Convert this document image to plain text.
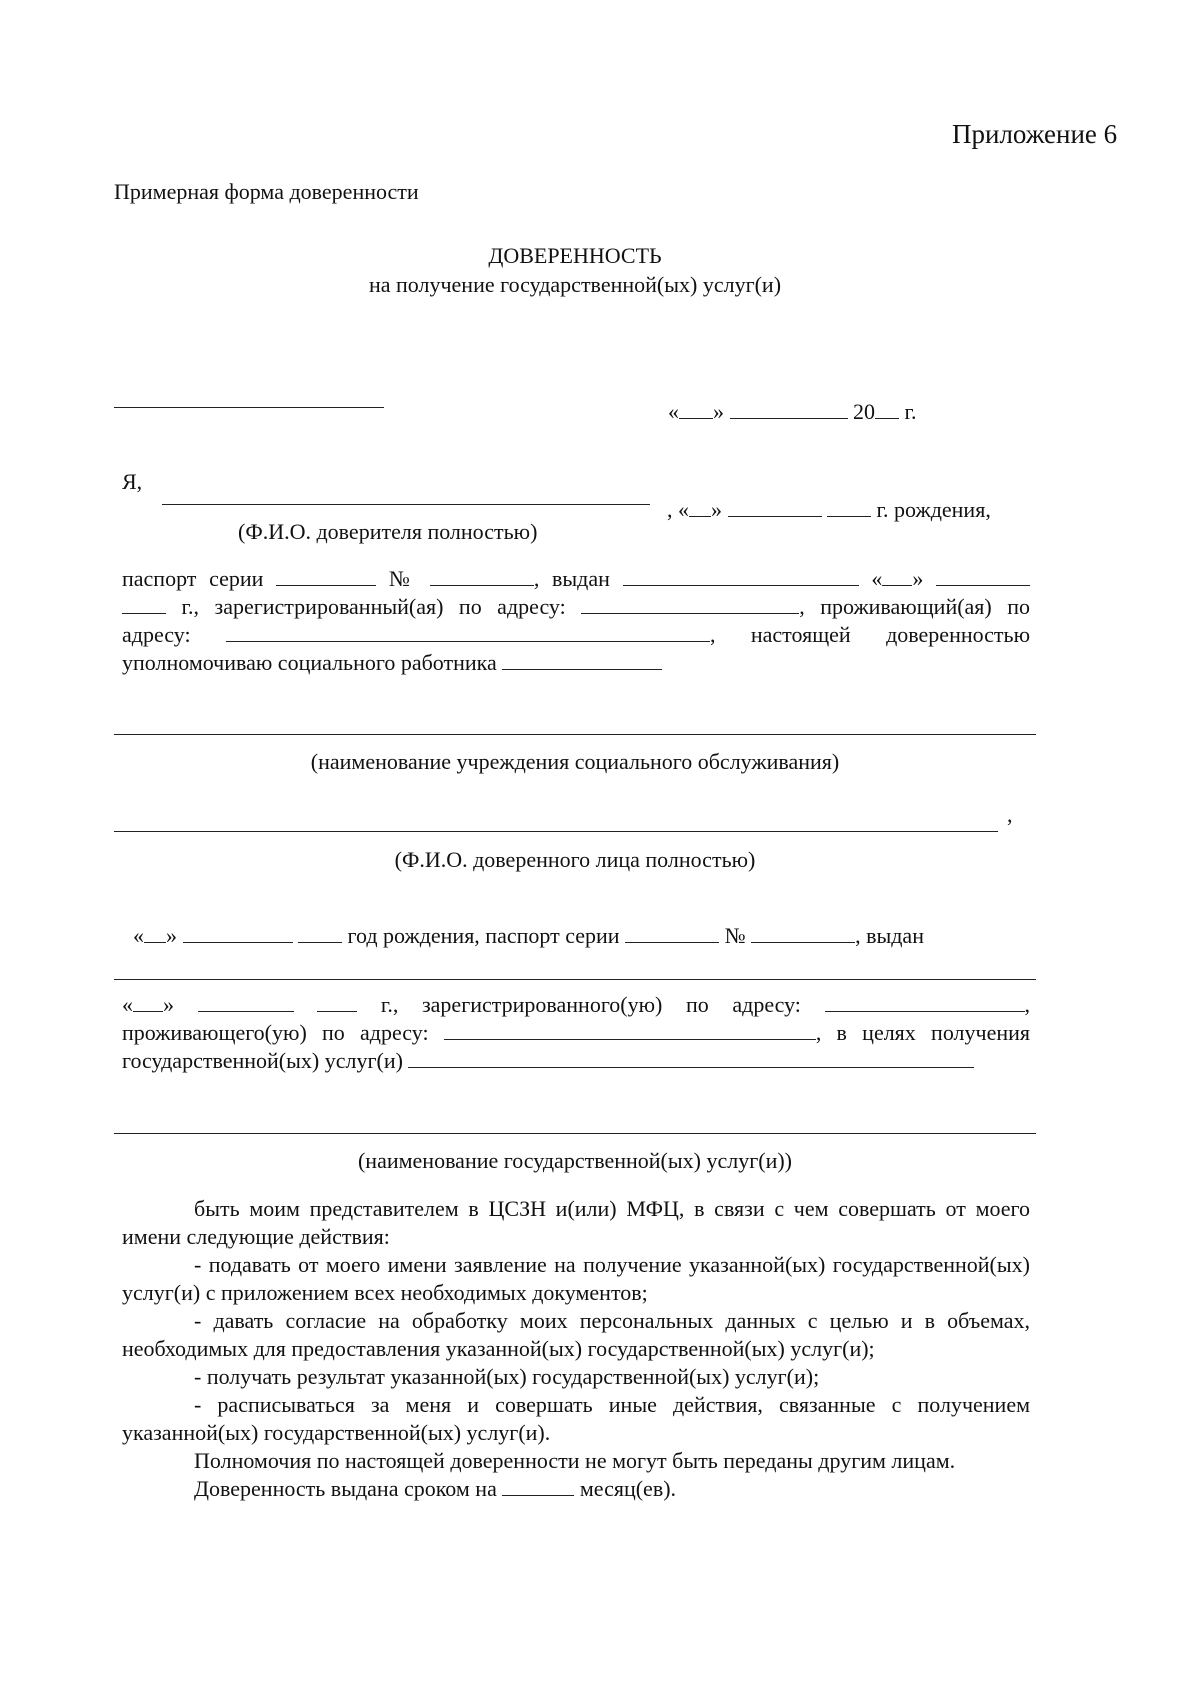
Приложение 6
Примерная форма доверенности
ДОВЕРЕННОСТЬ
на получение государственной(ых) услуг(и)

« »	20 г.

Я,

, « »	г. рождения,

(Ф.И.О. доверителя полностью)
паспорт серии	№	, выдан	« »
г., зарегистрированный(ая) по адресу:	, проживающий(ая) по
адресу:	, настоящей доверенностью
уполномочиваю социального работника
(наименование учреждения социального обслуживания)
,
(Ф.И.О. доверенного лица полностью)

« »	год рождения, паспорт серии	№	, выдан

« »	г., зарегистрированного(ую) по адресу:	,
проживающего(ую) по адресу:	, в целях получения
государственной(ых) услуг(и)
(наименование государственной(ых) услуг(и))

быть моим представителем в ЦСЗН и(или) МФЦ, в связи с чем совершать от моего имени следующие действия:

- подавать от моего имени заявление на получение указанной(ых) государственной(ых) услуг(и) с приложением всех необходимых документов;

- давать согласие на обработку моих персональных данных с целью и в объемах, необходимых для предоставления указанной(ых) государственной(ых) услуг(и);

- получать результат указанной(ых) государственной(ых) услуг(и);

- расписываться за меня и совершать иные действия, связанные с получением указанной(ых) государственной(ых) услуг(и).

Полномочия по настоящей доверенности не могут быть переданы другим лицам.

Доверенность выдана сроком на	месяц(ев).
